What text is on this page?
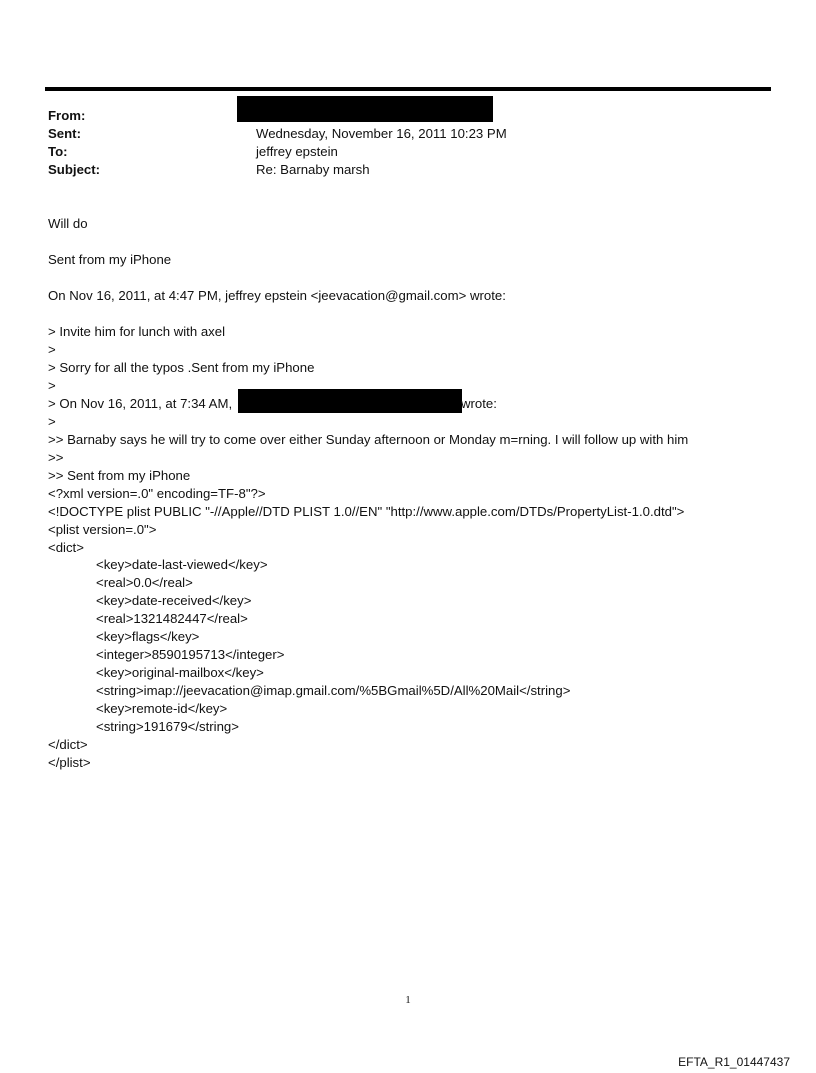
From:
Sent:	Wednesday, November 16, 2011 10:23 PM
To:	jeffrey epstein
Subject:	Re: Barnaby marsh
Will do
Sent from my iPhone
On Nov 16, 2011, at 4:47 PM, jeffrey epstein <jeevacation@gmail.com> wrote:
> Invite him for lunch with axel
>
> Sorry for all the typos .Sent from my iPhone
>
> On Nov 16, 2011, at 7:34 AM,	wrote:
>
>> Barnaby says he will try to come over either Sunday afternoon or Monday m=rning. I will follow up with him
>>
>> Sent from my iPhone
<?xml version=.0" encoding=TF-8"?>
<!DOCTYPE plist PUBLIC "-//Apple//DTD PLIST 1.0//EN" "http://www.apple.com/DTDs/PropertyList-1.0.dtd">
<plist version=.0">
<dict>
<key>date-last-viewed</key>
<real>0.0</real>
<key>date-received</key>
<real>1321482447</real>
<key>flags</key>
<integer>8590195713</integer>
<key>original-mailbox</key>
<string>imap://jeevacation@imap.gmail.com/%5BGmail%5D/All%20Mail</string>
<key>remote-id</key>
<string>191679</string>
</dict>
</plist>
1
EFTA_R1_01447437
